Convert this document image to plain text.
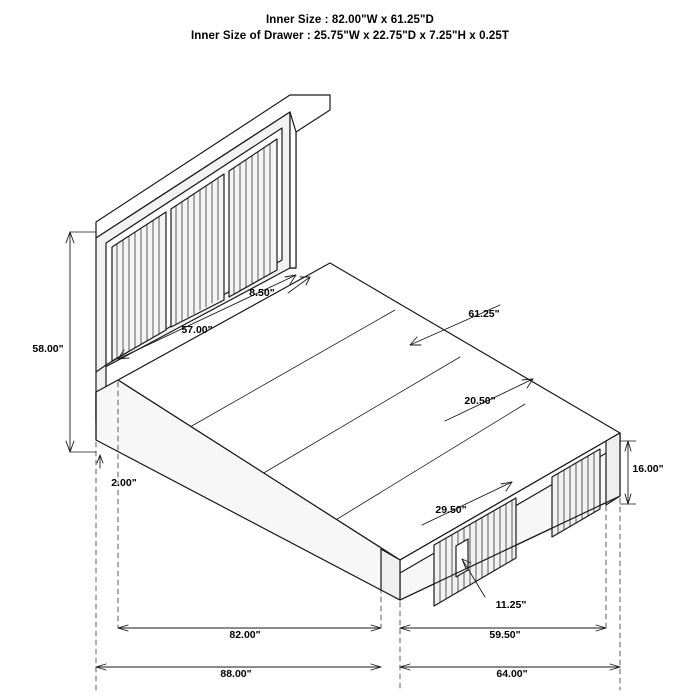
Inner Size : 82.00"W x 61.25"D
Inner Size of Drawer : 25.75"W x 22.75"D x 7.25"H x 0.25T
58.00"
8.50"
57.00"
61.25"
20.50"
2.00"
16.00"
29.50"
11.25"
82.00"	59.50"
88.00"	64.00"
